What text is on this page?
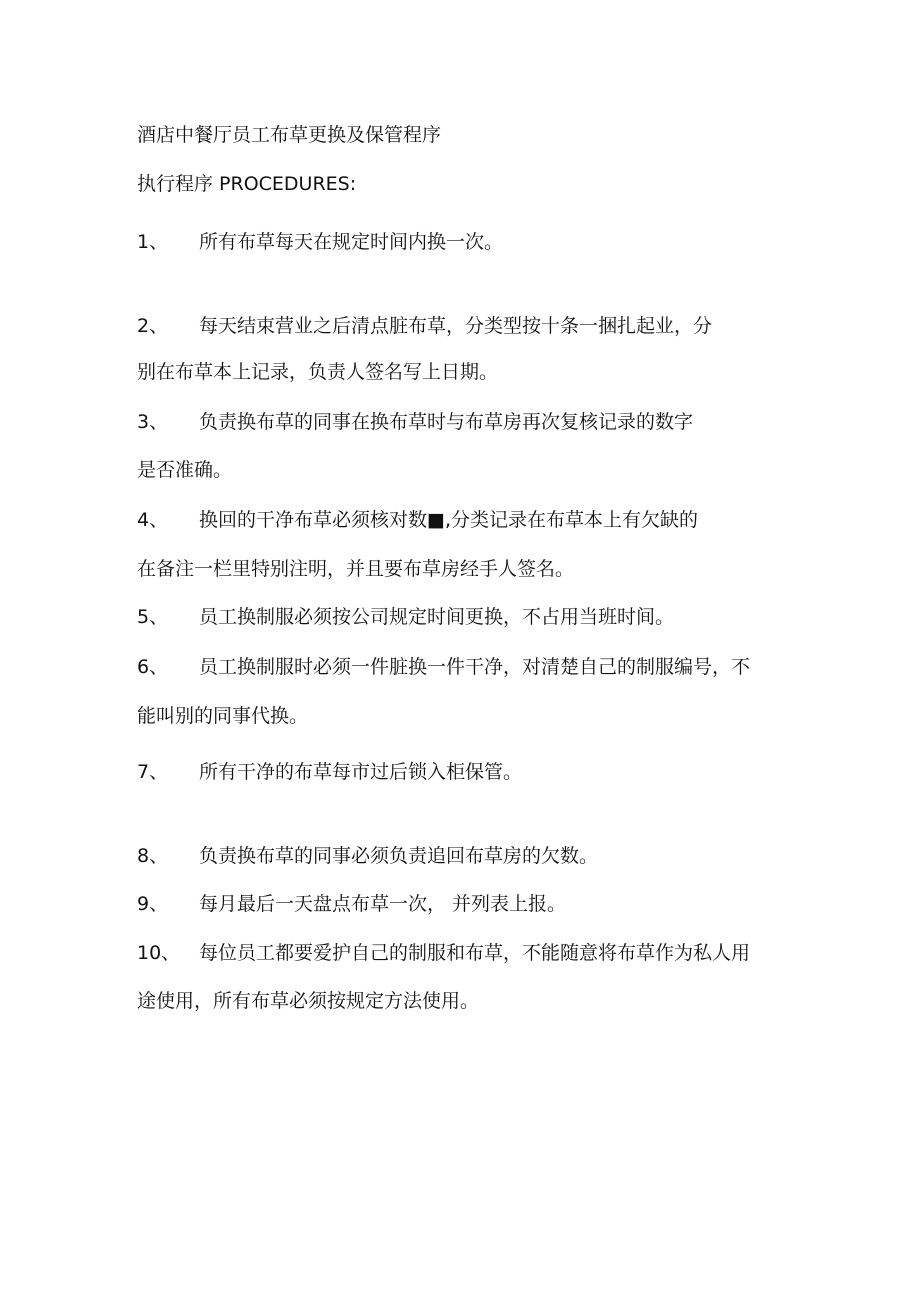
酒店中餐厅员工布草更换及保管程序
执行程序 PROCEDURES:
1、 所有布草每天在规定时间内换一次。
2、 每天结束营业之后清点脏布草，分类型按十条一捆扎起业，分
别在布草本上记录，负责人签名写上日期。
3、 负责换布草的同事在换布草时与布草房再次复核记录的数字
是否准确。
4、 换回的干净布草必须核对数■,分类记录在布草本上有欠缺的
在备注一栏里特别注明，并且要布草房经手人签名。
5、 员工换制服必须按公司规定时间更换，不占用当班时间。
6、 员工换制服时必须一件脏换一件干净，对清楚自己的制服编号，不
能叫别的同事代换。
7、 所有干净的布草每市过后锁入柜保管。
8、 负责换布草的同事必须负责追回布草房的欠数。
9、 每月最后一天盘点布草一次， 并列表上报。
10、 每位员工都要爱护自己的制服和布草，不能随意将布草作为私人用
途使用，所有布草必须按规定方法使用。
